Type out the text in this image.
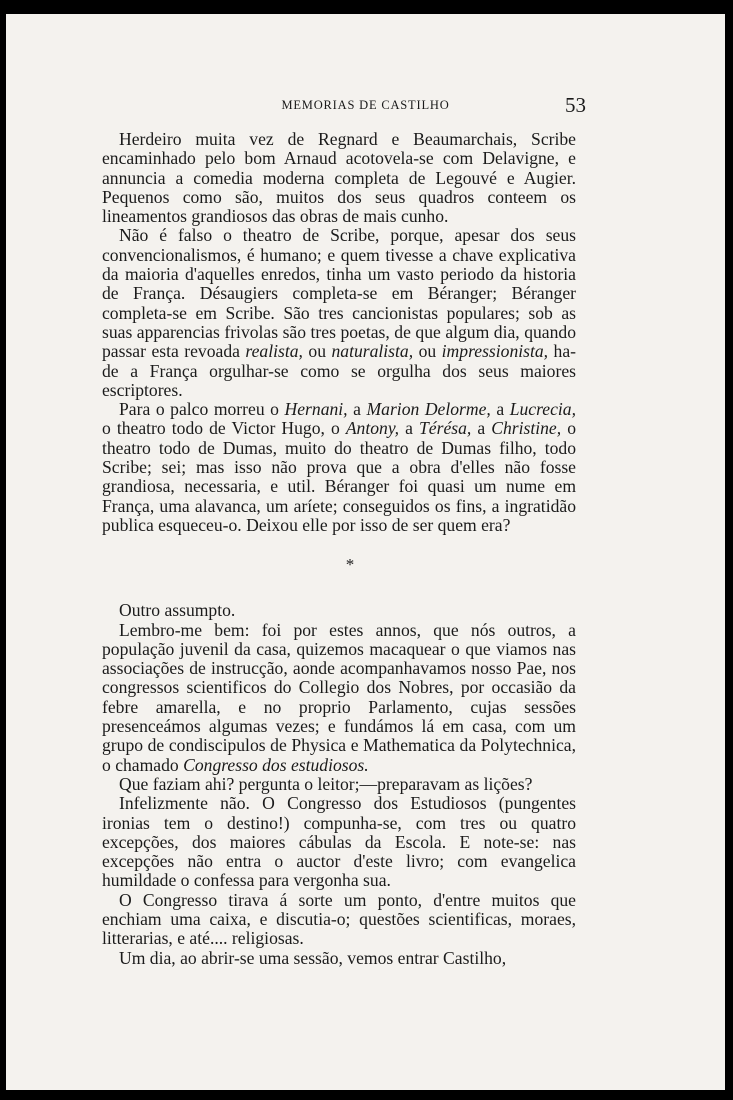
MEMORIAS DE CASTILHO	53

Herdeiro muita vez de Regnard e Beaumarchais, Scribe encaminhado pelo bom Arnaud acotovela-se com Delavigne, e annuncia a comedia moderna completa de Legouvé e Augier. Pequenos como são, muitos dos seus quadros conteem os lineamentos grandiosos das obras de mais cunho.

Não é falso o theatro de Scribe, porque, apesar dos seus convencionalismos, é humano; e quem tivesse a chave explicativa da maioria d'aquelles enredos, tinha um vasto periodo da historia de França. Désaugiers completa-se em Béranger; Béranger completa-se em Scribe. São tres cancionistas populares; sob as suas apparencias frivolas são tres poetas, de que algum dia, quando passar esta revoada realista, ou naturalista, ou impressionista, ha-de a França orgulhar-se como se orgulha dos seus maiores escriptores.

Para o palco morreu o Hernani, a Marion Delorme, a Lucrecia, o theatro todo de Victor Hugo, o Antony, a Térésa, a Christine, o theatro todo de Dumas, muito do theatro de Dumas filho, todo Scribe; sei; mas isso não prova que a obra d'elles não fosse grandiosa, necessaria, e util. Béranger foi quasi um nume em França, uma alavanca, um aríete; conseguidos os fins, a ingratidão publica esqueceu-o. Deixou elle por isso de ser quem era?

*

Outro assumpto.

Lembro-me bem: foi por estes annos, que nós outros, a população juvenil da casa, quizemos macaquear o que viamos nas associações de instrucção, aonde acompanhavamos nosso Pae, nos congressos scientificos do Collegio dos Nobres, por occasião da febre amarella, e no proprio Parlamento, cujas sessões presenceámos algumas vezes; e fundámos lá em casa, com um grupo de condiscipulos de Physica e Mathematica da Polytechnica, o chamado Congresso dos estudiosos.

Que faziam ahi? pergunta o leitor;—preparavam as lições?

Infelizmente não. O Congresso dos Estudiosos (pungentes ironias tem o destino!) compunha-se, com tres ou quatro excepções, dos maiores cábulas da Escola. E note-se: nas excepções não entra o auctor d'este livro; com evangelica humildade o confessa para vergonha sua.

O Congresso tirava á sorte um ponto, d'entre muitos que enchiam uma caixa, e discutia-o; questões scientificas, moraes, litterarias, e até.... religiosas.

Um dia, ao abrir-se uma sessão, vemos entrar Castilho,
